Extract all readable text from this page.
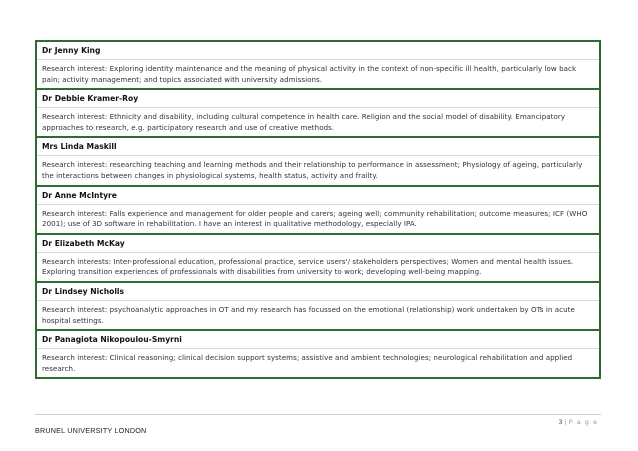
Dr Jenny King
Research interest: Exploring identity maintenance and the meaning of physical activity in the context of non-specific ill health, particularly low back pain; activity management; and topics associated with university admissions.
Dr Debbie Kramer-Roy
Research interest: Ethnicity and disability, including cultural competence in health care. Religion and the social model of disability. Emancipatory approaches to research, e.g. participatory research and use of creative methods.
Mrs Linda Maskill
Research interest: researching teaching and learning methods and their relationship to performance in assessment; Physiology of ageing, particularly the interactions between changes in physiological systems, health status, activity and frailty.
Dr Anne McIntyre
Research interest: Falls experience and management for older people and carers; ageing well; community rehabilitation; outcome measures; ICF (WHO 2001); use of 3D software in rehabilitation. I have an interest in qualitative methodology, especially IPA.
Dr Elizabeth McKay
Research interests: Inter-professional education, professional practice, service users'/ stakeholders perspectives; Women and mental health issues. Exploring transition experiences of professionals with disabilities from university to work; developing well-being mapping.
Dr Lindsey Nicholls
Research interest: psychoanalytic approaches in OT and my research has focussed on the emotional (relationship) work undertaken by OTs in acute hospital settings.
Dr Panagiota Nikopoulou-Smyrni
Research interest: Clinical reasoning; clinical decision support systems; assistive and ambient technologies; neurological rehabilitation and applied research.
3 | P a g e
BRUNEL UNIVERSITY LONDON
